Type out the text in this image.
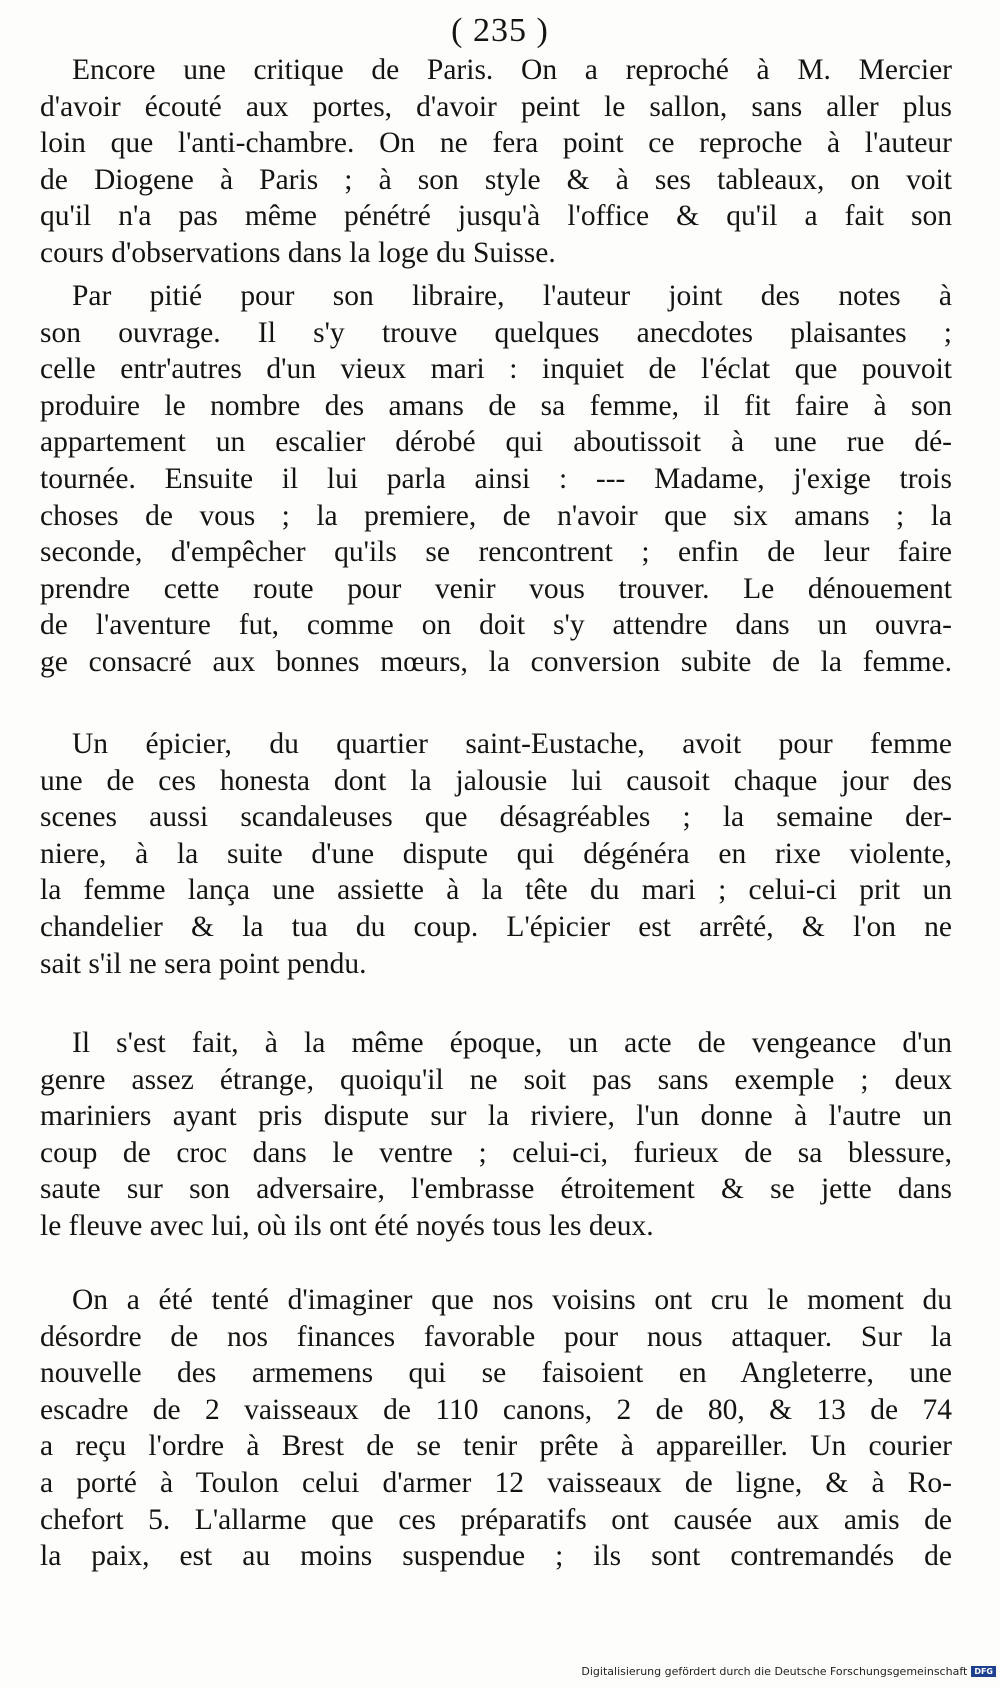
( 235 )
Encore une critique de Paris. On a reproché à M. Mercier
d'avoir écouté aux portes, d'avoir peint le sallon, sans aller plus
loin que l'anti-chambre. On ne fera point ce reproche à l'auteur
de Diogene à Paris ; à son style & à ses tableaux, on voit
qu'il n'a pas même pénétré jusqu'à l'office & qu'il a fait son
cours d'observations dans la loge du Suisse.
Par pitié pour son libraire, l'auteur joint des notes à
son ouvrage. Il s'y trouve quelques anecdotes plaisantes ;
celle entr'autres d'un vieux mari : inquiet de l'éclat que pouvoit
produire le nombre des amans de sa femme, il fit faire à son
appartement un escalier dérobé qui aboutissoit à une rue dé-
tournée. Ensuite il lui parla ainsi : --- Madame, j'exige trois
choses de vous ; la premiere, de n'avoir que six amans ; la
seconde, d'empêcher qu'ils se rencontrent ; enfin de leur faire
prendre cette route pour venir vous trouver. Le dénouement
de l'aventure fut, comme on doit s'y attendre dans un ouvra-
ge consacré aux bonnes mœurs, la conversion subite de la femme.
Un épicier, du quartier saint-Eustache, avoit pour femme
une de ces honesta dont la jalousie lui causoit chaque jour des
scenes aussi scandaleuses que désagréables ; la semaine der-
niere, à la suite d'une dispute qui dégénéra en rixe violente,
la femme lança une assiette à la tête du mari ; celui-ci prit un
chandelier & la tua du coup. L'épicier est arrêté, & l'on ne
sait s'il ne sera point pendu.
Il s'est fait, à la même époque, un acte de vengeance d'un
genre assez étrange, quoiqu'il ne soit pas sans exemple ; deux
mariniers ayant pris dispute sur la riviere, l'un donne à l'autre un
coup de croc dans le ventre ; celui-ci, furieux de sa blessure,
saute sur son adversaire, l'embrasse étroitement & se jette dans
le fleuve avec lui, où ils ont été noyés tous les deux.
On a été tenté d'imaginer que nos voisins ont cru le moment du
désordre de nos finances favorable pour nous attaquer. Sur la
nouvelle des armemens qui se faisoient en Angleterre, une
escadre de 2 vaisseaux de 110 canons, 2 de 80, & 13 de 74
a reçu l'ordre à Brest de se tenir prête à appareiller. Un courier
a porté à Toulon celui d'armer 12 vaisseaux de ligne, & à Ro-
chefort 5. L'allarme que ces préparatifs ont causée aux amis de
la paix, est au moins suspendue ; ils sont contremandés de
Digitalisierung gefördert durch die Deutsche Forschungsgemeinschaft DFG
